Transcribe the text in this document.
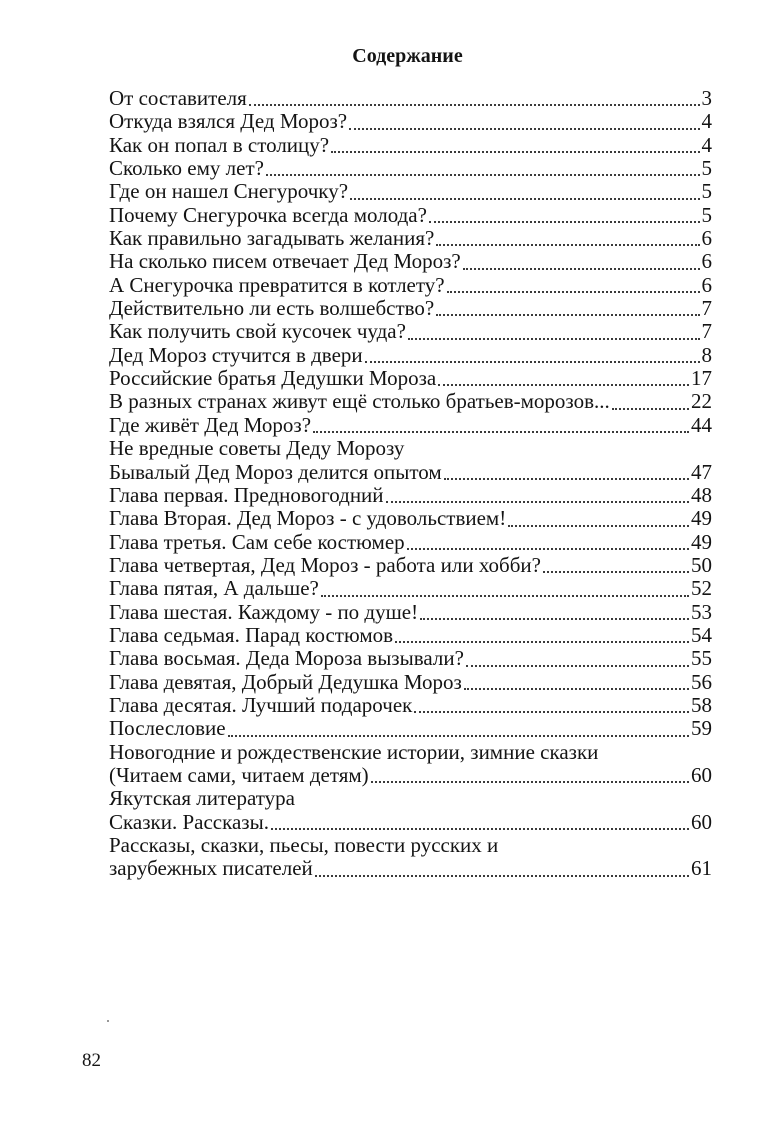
Содержание
От составителя	3
Откуда взялся Дед Мороз?	4
Как он попал в столицу?	4
Сколько ему лет?	5
Где он нашел Снегурочку?	5
Почему Снегурочка всегда молода?	5
Как правильно загадывать желания?	6
На сколько писем отвечает Дед Мороз?	6
А Снегурочка превратится в котлету?	6
Действительно ли есть волшебство?	7
Как получить свой кусочек чуда?	7
Дед Мороз стучится в двери	8
Российские братья Дедушки Мороза	17
В разных странах живут ещё столько братьев-морозов...	22
Где живёт Дед Мороз?	44
Не вредные советы Деду Морозу
Бывалый Дед Мороз делится опытом	47
Глава первая. Предновогодний	48
Глава Вторая. Дед Мороз - с удовольствием!	49
Глава третья. Сам себе костюмер	49
Глава четвертая, Дед Мороз - работа или хобби?	50
Глава пятая, А дальше?	52
Глава шестая. Каждому - по душе!	53
Глава седьмая. Парад костюмов	54
Глава восьмая. Деда Мороза вызывали?	55
Глава девятая, Добрый Дедушка Мороз	56
Глава десятая. Лучший подарочек	58
Послесловие	59
Новогодние и рождественские истории, зимние сказки
(Читаем сами, читаем детям)	60
Якутская литература
Сказки. Рассказы.	60
Рассказы, сказки, пьесы, повести русских и
зарубежных писателей	61
82
